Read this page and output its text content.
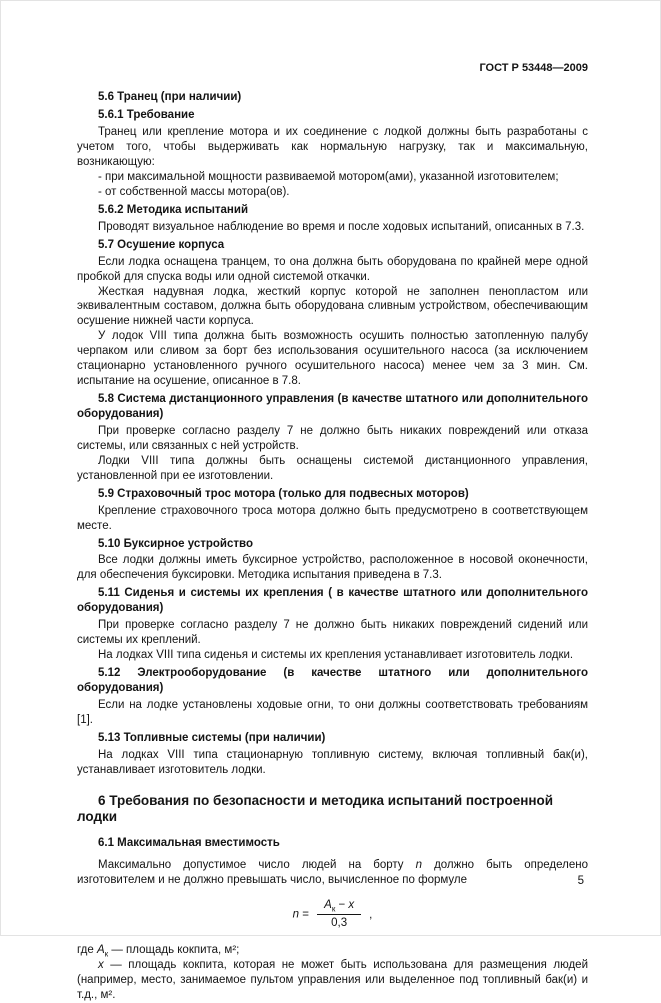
ГОСТ Р 53448—2009

5.6 Транец (при наличии)

5.6.1 Требование

Транец или крепление мотора и их соединение с лодкой должны быть разработаны с учетом того, чтобы выдерживать как нормальную нагрузку, так и максимальную, возникающую:

- при максимальной мощности развиваемой мотором(ами), указанной изготовителем;

- от собственной массы мотора(ов).

5.6.2 Методика испытаний

Проводят визуальное наблюдение во время и после ходовых испытаний, описанных в 7.3.

5.7 Осушение корпуса

Если лодка оснащена транцем, то она должна быть оборудована по крайней мере одной пробкой для спуска воды или одной системой откачки.

Жесткая надувная лодка, жесткий корпус которой не заполнен пенопластом или эквивалентным составом, должна быть оборудована сливным устройством, обеспечивающим осушение нижней части корпуса.

У лодок VIII типа должна быть возможность осушить полностью затопленную палубу черпаком или сливом за борт без использования осушительного насоса (за исключением стационарно установленного ручного осушительного насоса) менее чем за 3 мин. См. испытание на осушение, описанное в 7.8.

5.8 Система дистанционного управления (в качестве штатного или дополнительного оборудования)

При проверке согласно разделу 7 не должно быть никаких повреждений или отказа системы, или связанных с ней устройств.

Лодки VIII типа должны быть оснащены системой дистанционного управления, установленной при ее изготовлении.

5.9 Страховочный трос мотора (только для подвесных моторов)

Крепление страховочного троса мотора должно быть предусмотрено в соответствующем месте.

5.10 Буксирное устройство

Все лодки должны иметь буксирное устройство, расположенное в носовой оконечности, для обеспечения буксировки. Методика испытания приведена в 7.3.

5.11 Сиденья и системы их крепления ( в качестве штатного или дополнительного оборудования)

При проверке согласно разделу 7 не должно быть никаких повреждений сидений или системы их креплений.

На лодках VIII типа сиденья и системы их крепления устанавливает изготовитель лодки.

5.12 Электрооборудование (в качестве штатного или дополнительного оборудования)

Если на лодке установлены ходовые огни, то они должны соответствовать требованиям [1].

5.13 Топливные системы (при наличии)

На лодках VIII типа стационарную топливную систему, включая топливный бак(и), устанавливает изготовитель лодки.

6 Требования по безопасности и методика испытаний построенной лодки

6.1 Максимальная вместимость

Максимально допустимое число людей на борту n должно быть определено изготовителем и не должно превышать число, вычисленное по формуле

$n = \frac{A_к - x}{0,3}$ ,

где $A_к$ — площадь кокпита, м²;

x — площадь кокпита, которая не может быть использована для размещения людей (например, место, занимаемое пультом управления или выделенное под топливный бак(и) и т.д., м².

5
